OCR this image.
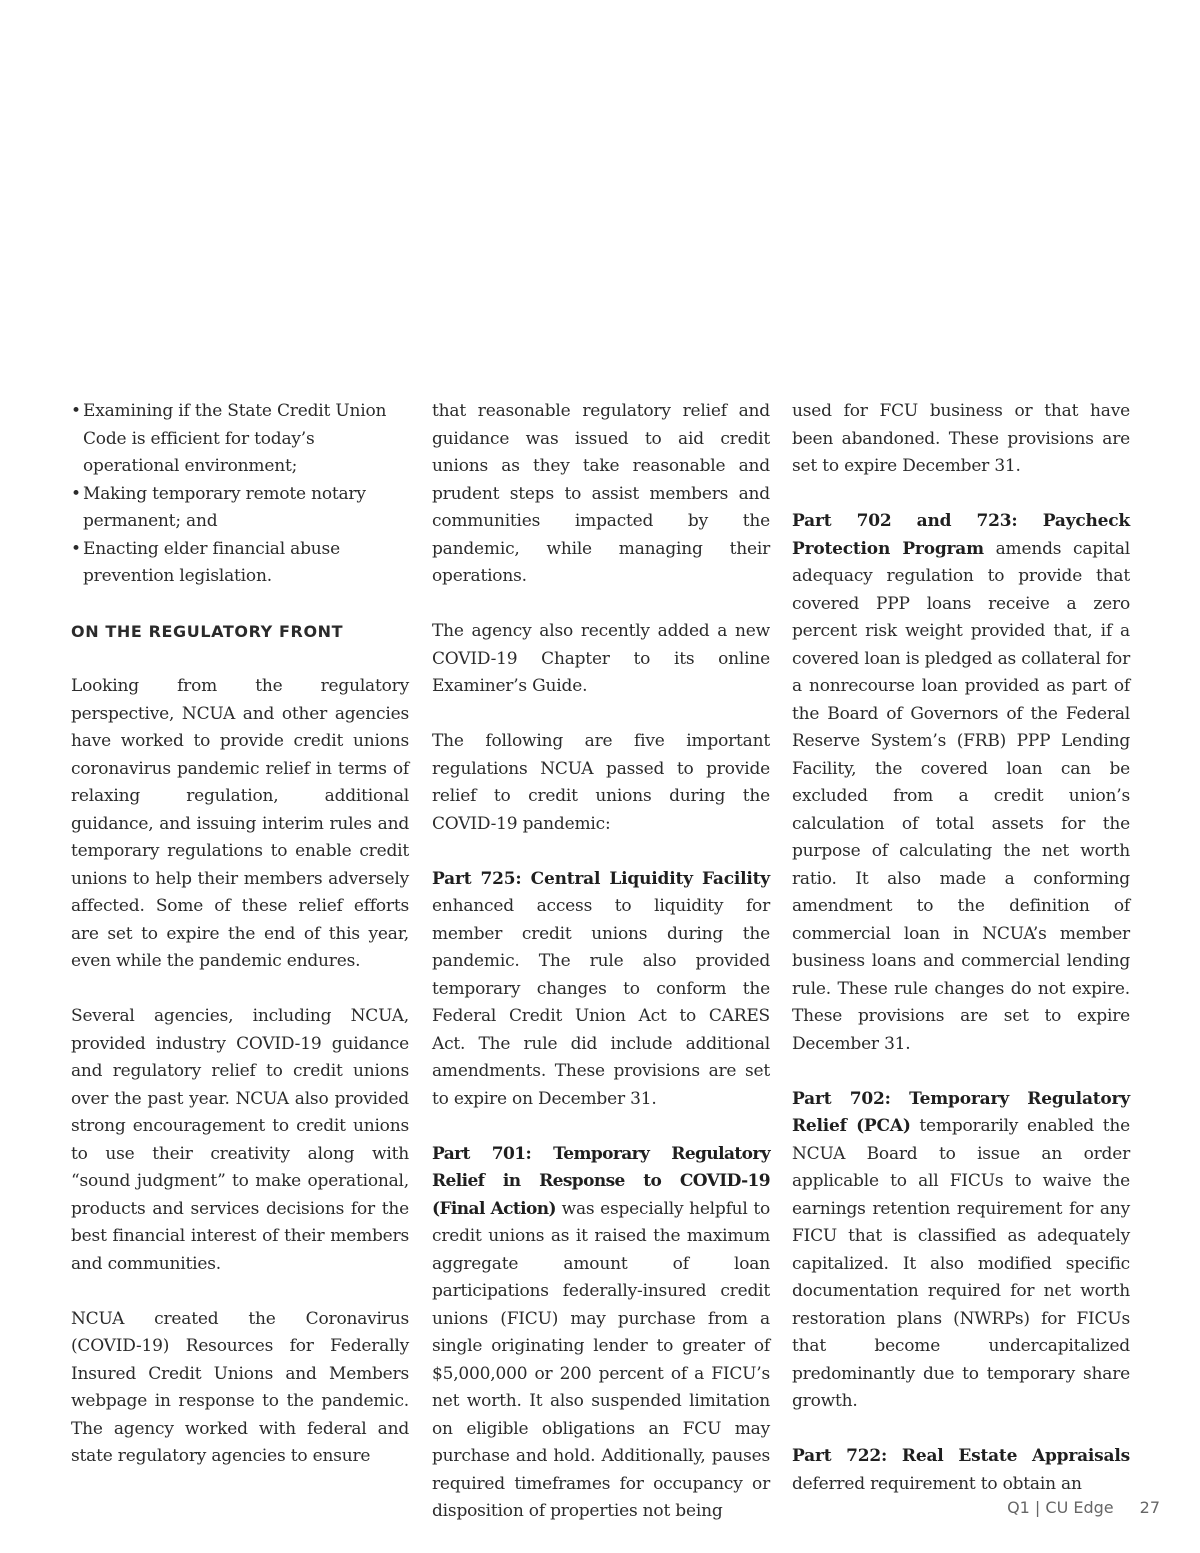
• Examining if the State Credit Union Code is efficient for today’s operational environment;
• Making temporary remote notary permanent; and
• Enacting elder financial abuse prevention legislation.
ON THE REGULATORY FRONT

Looking from the regulatory perspective, NCUA and other agencies have worked to provide credit unions coronavirus pandemic relief in terms of relaxing regulation, additional guidance, and issuing interim rules and temporary regulations to enable credit unions to help their members adversely affected. Some of these relief efforts are set to expire the end of this year, even while the pandemic endures.

Several agencies, including NCUA, provided industry COVID-19 guidance and regulatory relief to credit unions over the past year. NCUA also provided strong encouragement to credit unions to use their creativity along with “sound judgment” to make operational, products and services decisions for the best financial interest of their members and communities.

NCUA created the Coronavirus (COVID-19) Resources for Federally Insured Credit Unions and Members webpage in response to the pandemic. The agency worked with federal and state regulatory agencies to ensure

that reasonable regulatory relief and guidance was issued to aid credit unions as they take reasonable and prudent steps to assist members and communities impacted by the pandemic, while managing their operations.

The agency also recently added a new COVID-19 Chapter to its online Examiner’s Guide.

The following are five important regulations NCUA passed to provide relief to credit unions during the COVID-19 pandemic:

Part 725: Central Liquidity Facility enhanced access to liquidity for member credit unions during the pandemic. The rule also provided temporary changes to conform the Federal Credit Union Act to CARES Act. The rule did include additional amendments. These provisions are set to expire on December 31.

Part 701: Temporary Regulatory Relief in Response to COVID-19 (Final Action) was especially helpful to credit unions as it raised the maximum aggregate amount of loan participations federally-insured credit unions (FICU) may purchase from a single originating lender to greater of $5,000,000 or 200 percent of a FICU’s net worth. It also suspended limitation on eligible obligations an FCU may purchase and hold. Additionally, pauses required timeframes for occupancy or disposition of properties not being

used for FCU business or that have been abandoned. These provisions are set to expire December 31.

Part 702 and 723: Paycheck Protection Program amends capital adequacy regulation to provide that covered PPP loans receive a zero percent risk weight provided that, if a covered loan is pledged as collateral for a nonrecourse loan provided as part of the Board of Governors of the Federal Reserve System’s (FRB) PPP Lending Facility, the covered loan can be excluded from a credit union’s calculation of total assets for the purpose of calculating the net worth ratio. It also made a conforming amendment to the definition of commercial loan in NCUA’s member business loans and commercial lending rule. These rule changes do not expire. These provisions are set to expire December 31.

Part 702: Temporary Regulatory Relief (PCA) temporarily enabled the NCUA Board to issue an order applicable to all FICUs to waive the earnings retention requirement for any FICU that is classified as adequately capitalized. It also modified specific documentation required for net worth restoration plans (NWRPs) for FICUs that become undercapitalized predominantly due to temporary share growth.

Part 722: Real Estate Appraisals deferred requirement to obtain an

Q1 | CU Edge 27
